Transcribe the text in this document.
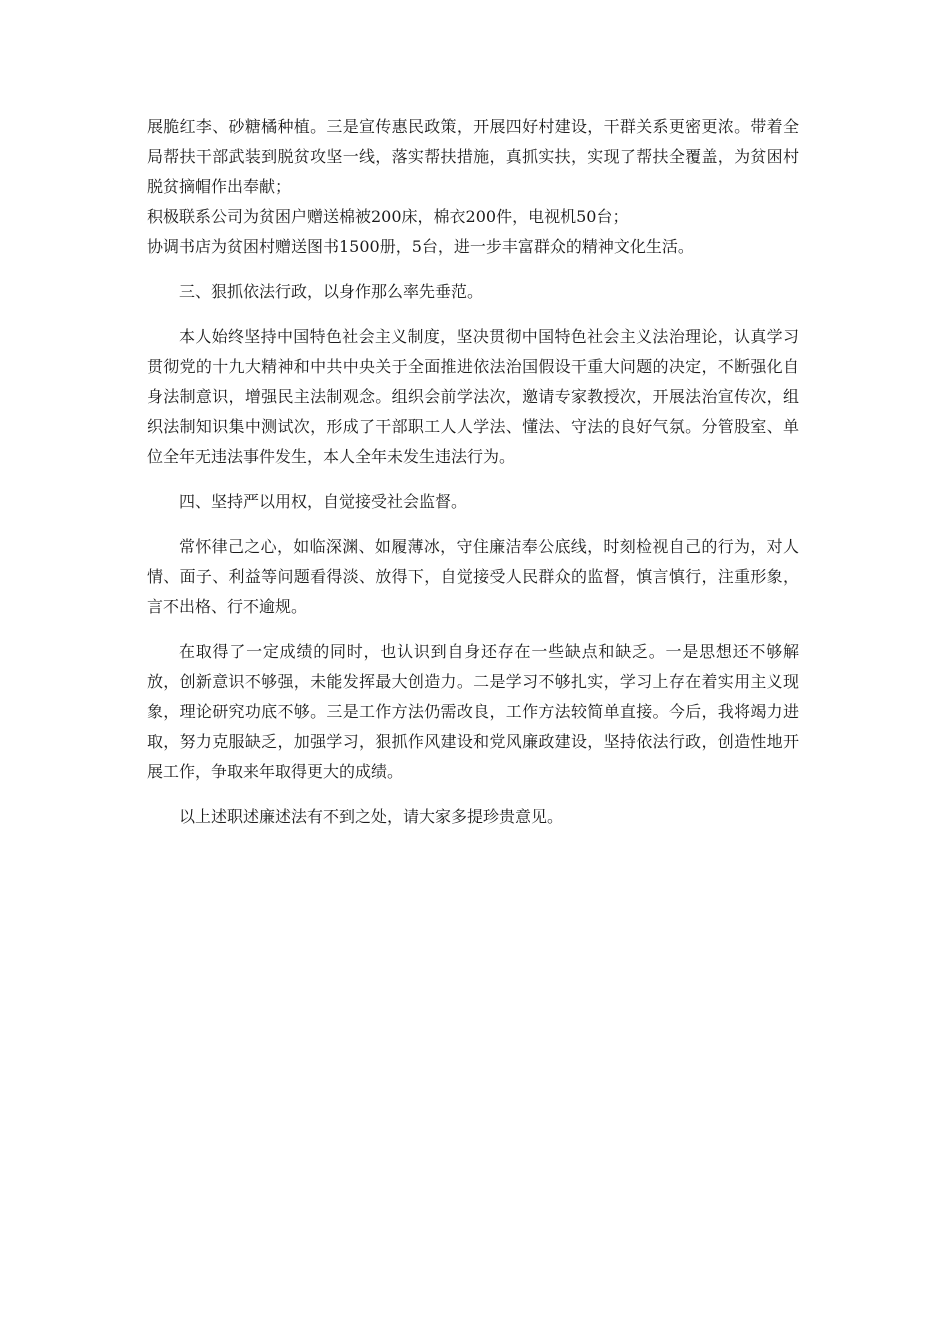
展脆红李、砂糖橘种植。三是宣传惠民政策，开展四好村建设，干群关系更密更浓。带着全局帮扶干部武装到脱贫攻坚一线，落实帮扶措施，真抓实扶，实现了帮扶全覆盖，为贫困村脱贫摘帽作出奉献；

积极联系公司为贫困户赠送棉被200床，棉衣200件，电视机50台；

协调书店为贫困村赠送图书1500册，5台，进一步丰富群众的精神文化生活。

三、狠抓依法行政，以身作那么率先垂范。

本人始终坚持中国特色社会主义制度，坚决贯彻中国特色社会主义法治理论，认真学习贯彻党的十九大精神和中共中央关于全面推进依法治国假设干重大问题的决定，不断强化自身法制意识，增强民主法制观念。组织会前学法次，邀请专家教授次，开展法治宣传次，组织法制知识集中测试次，形成了干部职工人人学法、懂法、守法的良好气氛。分管股室、单位全年无违法事件发生，本人全年未发生违法行为。

四、坚持严以用权，自觉接受社会监督。

常怀律己之心，如临深渊、如履薄冰，守住廉洁奉公底线，时刻检视自己的行为，对人情、面子、利益等问题看得淡、放得下，自觉接受人民群众的监督，慎言慎行，注重形象，言不出格、行不逾规。

在取得了一定成绩的同时，也认识到自身还存在一些缺点和缺乏。一是思想还不够解放，创新意识不够强，未能发挥最大创造力。二是学习不够扎实，学习上存在着实用主义现象，理论研究功底不够。三是工作方法仍需改良，工作方法较简单直接。今后，我将竭力进取，努力克服缺乏，加强学习，狠抓作风建设和党风廉政建设，坚持依法行政，创造性地开展工作，争取来年取得更大的成绩。

以上述职述廉述法有不到之处，请大家多提珍贵意见。
